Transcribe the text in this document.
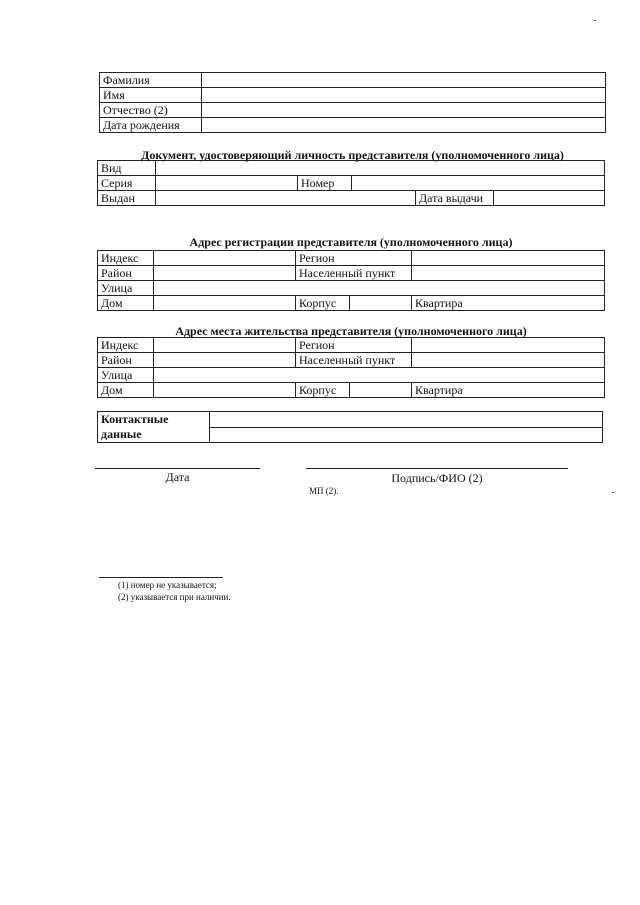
Фамилия	
Имя	
Отчество (2)	
Дата рождения	
Документ, удостоверяющий личность представителя (уполномоченного лица)
Вид					
Серия		Номер			
Выдан				Дата выдачи	
Адрес регистрации представителя (уполномоченного лица)
Индекс		Регион		
Район		Населенный пункт		
Улица				
Дом		Корпус		Квартира
Адрес места жительства представителя (уполномоченного лица)
Индекс		Регион		
Район		Населенный пункт		
Улица				
Дом		Корпус		Квартира
Контактные данные	

Дата	Подпись/ФИО (2)
МП (2).
(1) номер не указывается;
(2) указывается при наличии.
